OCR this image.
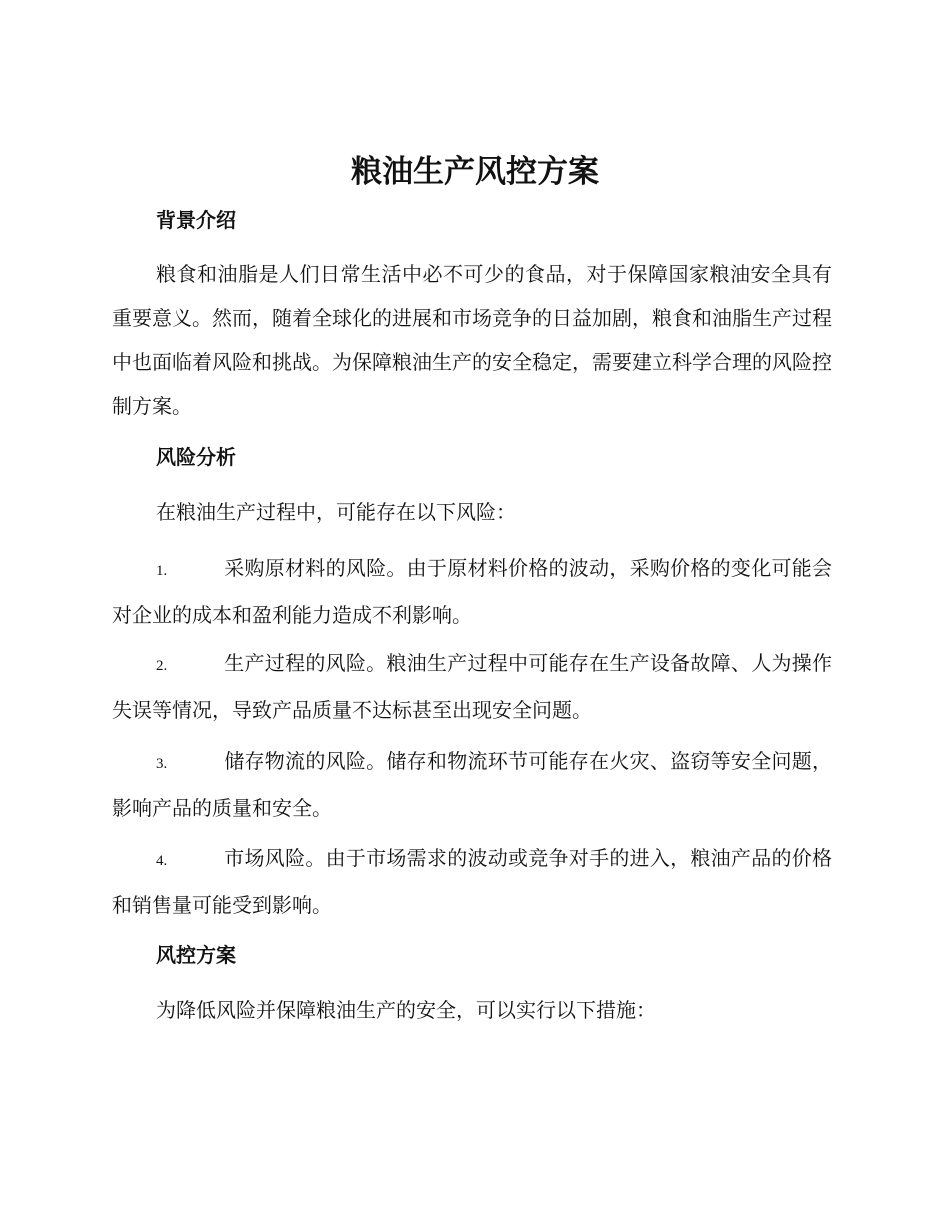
粮油生产风控方案
背景介绍

粮食和油脂是人们日常生活中必不可少的食品，对于保障国家粮油安全具有重要意义。然而，随着全球化的进展和市场竞争的日益加剧，粮食和油脂生产过程中也面临着风险和挑战。为保障粮油生产的安全稳定，需要建立科学合理的风险控制方案。

风险分析

在粮油生产过程中，可能存在以下风险：

1.	采购原材料的风险。由于原材料价格的波动，采购价格的变化可能会对企业的成本和盈利能力造成不利影响。

2.	生产过程的风险。粮油生产过程中可能存在生产设备故障、人为操作失误等情况，导致产品质量不达标甚至出现安全问题。

3.	储存物流的风险。储存和物流环节可能存在火灾、盗窃等安全问题，影响产品的质量和安全。

4.	市场风险。由于市场需求的波动或竞争对手的进入，粮油产品的价格和销售量可能受到影响。

风控方案

为降低风险并保障粮油生产的安全，可以实行以下措施：
